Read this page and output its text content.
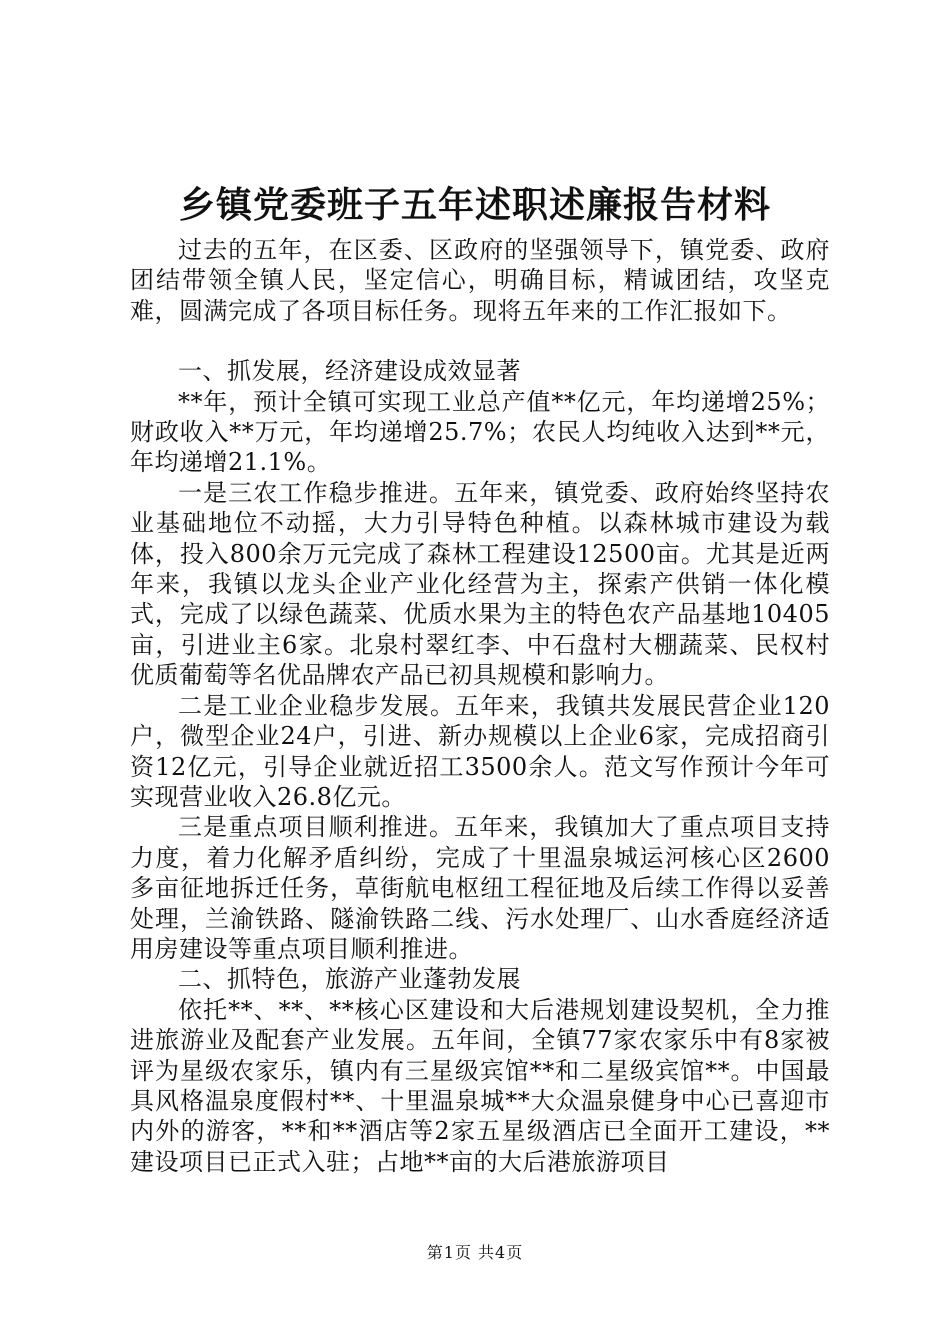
乡镇党委班子五年述职述廉报告材料

过去的五年，在区委、区政府的坚强领导下，镇党委、政府团结带领全镇人民，坚定信心，明确目标，精诚团结，攻坚克难，圆满完成了各项目标任务。现将五年来的工作汇报如下。

一、抓发展，经济建设成效显著

**年，预计全镇可实现工业总产值**亿元，年均递增25%；财政收入**万元，年均递增25.7%；农民人均纯收入达到**元，年均递增21.1%。

一是三农工作稳步推进。五年来，镇党委、政府始终坚持农业基础地位不动摇，大力引导特色种植。以森林城市建设为载体，投入800余万元完成了森林工程建设12500亩。尤其是近两年来，我镇以龙头企业产业化经营为主，探索产供销一体化模式，完成了以绿色蔬菜、优质水果为主的特色农产品基地10405亩，引进业主6家。北泉村翠红李、中石盘村大棚蔬菜、民权村优质葡萄等名优品牌农产品已初具规模和影响力。

二是工业企业稳步发展。五年来，我镇共发展民营企业120户，微型企业24户，引进、新办规模以上企业6家，完成招商引资12亿元，引导企业就近招工3500余人。范文写作预计今年可实现营业收入26.8亿元。

三是重点项目顺利推进。五年来，我镇加大了重点项目支持力度，着力化解矛盾纠纷，完成了十里温泉城运河核心区2600多亩征地拆迁任务，草街航电枢纽工程征地及后续工作得以妥善处理，兰渝铁路、隧渝铁路二线、污水处理厂、山水香庭经济适用房建设等重点项目顺利推进。

二、抓特色，旅游产业蓬勃发展

依托**、**、**核心区建设和大后港规划建设契机，全力推进旅游业及配套产业发展。五年间，全镇77家农家乐中有8家被评为星级农家乐，镇内有三星级宾馆**和二星级宾馆**。中国最具风格温泉度假村**、十里温泉城**大众温泉健身中心已喜迎市内外的游客，**和**酒店等2家五星级酒店已全面开工建设，**建设项目已正式入驻；占地**亩的大后港旅游项目

第1页 共4页
